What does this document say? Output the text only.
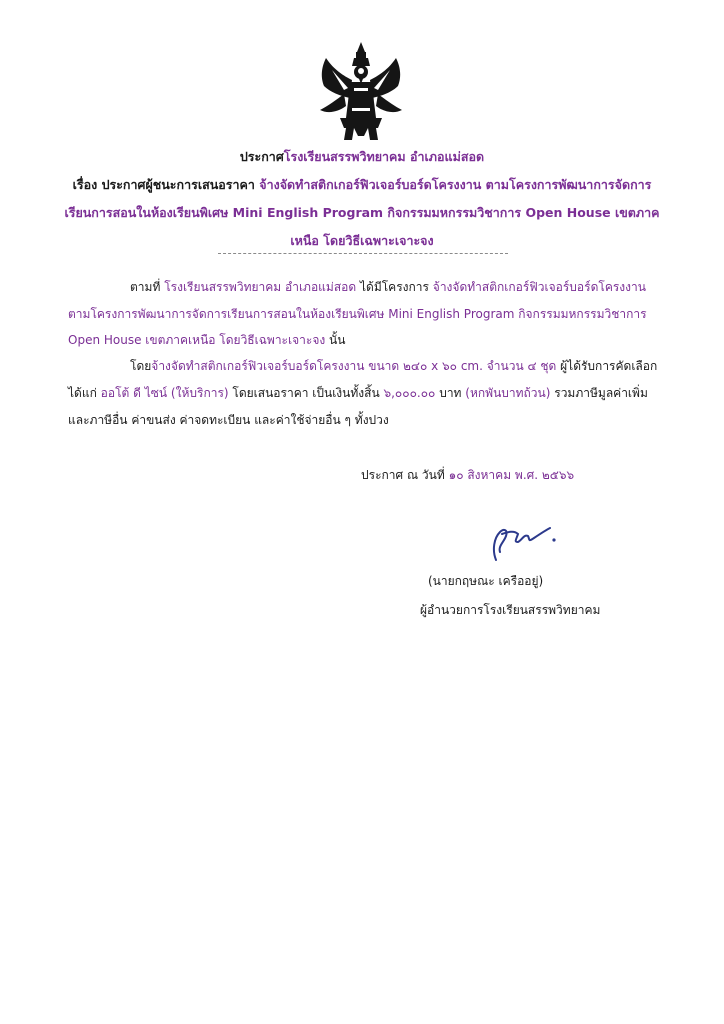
ประกาศโรงเรียนสรรพวิทยาคม อำเภอแม่สอด
เรื่อง ประกาศผู้ชนะการเสนอราคา จ้างจัดทำสติกเกอร์ฟิวเจอร์บอร์ดโครงงาน ตามโครงการพัฒนาการจัดการ
เรียนการสอนในห้องเรียนพิเศษ Mini English Program กิจกรรมมหกรรมวิชาการ Open House เขตภาค
เหนือ โดยวิธีเฉพาะเจาะจง
ตามที่ โรงเรียนสรรพวิทยาคม อำเภอแม่สอด ได้มีโครงการ จ้างจัดทำสติกเกอร์ฟิวเจอร์บอร์ดโครงงาน
ตามโครงการพัฒนาการจัดการเรียนการสอนในห้องเรียนพิเศษ Mini English Program กิจกรรมมหกรรมวิชาการ
Open House เขตภาคเหนือ โดยวิธีเฉพาะเจาะจง นั้น
โดยจ้างจัดทำสติกเกอร์ฟิวเจอร์บอร์ดโครงงาน ขนาด ๒๔๐ x ๖๐ cm. จำนวน ๔ ชุด ผู้ได้รับการคัดเลือก
ได้แก่ ออโต้ ดี ไซน์ (ให้บริการ) โดยเสนอราคา เป็นเงินทั้งสิ้น ๖,๐๐๐.๐๐ บาท (หกพันบาทถ้วน) รวมภาษีมูลค่าเพิ่ม
และภาษีอื่น ค่าขนส่ง ค่าจดทะเบียน และค่าใช้จ่ายอื่น ๆ ทั้งปวง
ประกาศ ณ วันที่ ๑๐ สิงหาคม พ.ศ. ๒๕๖๖
(นายกฤษณะ เครืออยู่)
ผู้อำนวยการโรงเรียนสรรพวิทยาคม
